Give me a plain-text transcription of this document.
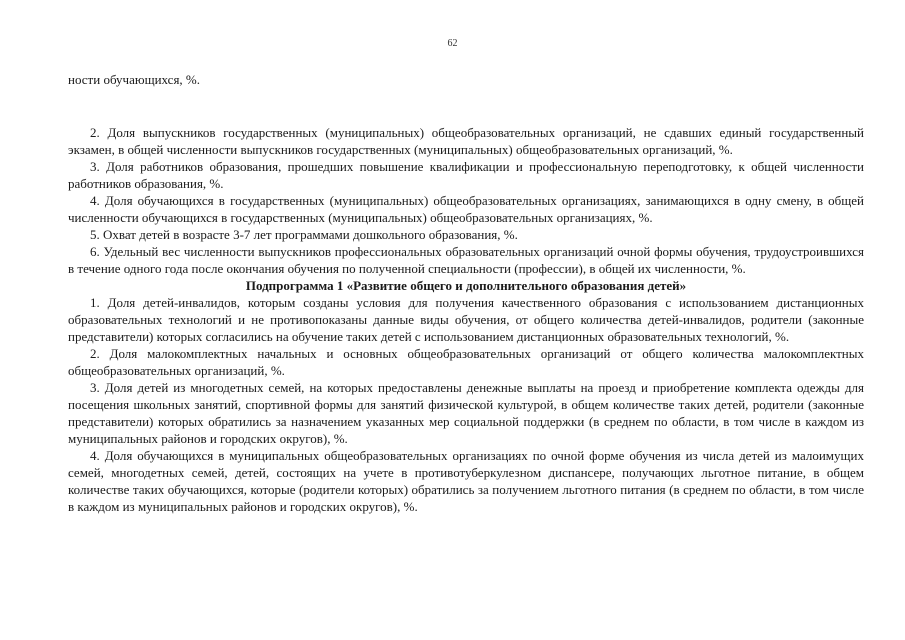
62

ности обучающихся, %.

2. Доля выпускников государственных (муниципальных) общеобразовательных организаций, не сдавших единый государственный экзамен, в общей численности выпускников государственных (муниципальных) общеобразовательных организаций, %.

3. Доля работников образования, прошедших повышение квалификации и профессиональную переподготовку, к общей численности работников образования, %.

4. Доля обучающихся в государственных (муниципальных) общеобразовательных организациях, занимающихся в одну смену, в общей численности обучающихся в государственных (муниципальных) общеобразовательных организациях, %.

5. Охват детей в возрасте 3-7 лет программами дошкольного образования, %.

6. Удельный вес численности выпускников профессиональных образовательных организаций очной формы обучения, трудоустроившихся в течение одного года после окончания обучения по полученной специальности (профессии), в общей их численности, %.

Подпрограмма 1 «Развитие общего и дополнительного образования детей»

1. Доля детей-инвалидов, которым созданы условия для получения качественного образования с использованием дистанционных образовательных технологий и не противопоказаны данные виды обучения, от общего количества детей-инвалидов, родители (законные представители) которых согласились на обучение таких детей с использованием дистанционных образовательных технологий, %.

2. Доля малокомплектных начальных и основных общеобразовательных организаций от общего количества малокомплектных общеобразовательных организаций, %.

3. Доля детей из многодетных семей, на которых предоставлены денежные выплаты на проезд и приобретение комплекта одежды для посещения школьных занятий, спортивной формы для занятий физической культурой, в общем количестве таких детей, родители (законные представители) которых обратились за назначением указанных мер социальной поддержки (в среднем по области, в том числе в каждом из муниципальных районов и городских округов), %.

4. Доля обучающихся в муниципальных общеобразовательных организациях по очной форме обучения из числа детей из малоимущих семей, многодетных семей, детей, состоящих на учете в противотуберкулезном диспансере, получающих льготное питание, в общем количестве таких обучающихся, которые (родители которых) обратились за получением льготного питания (в среднем по области, в том числе в каждом из муниципальных районов и городских округов), %.
